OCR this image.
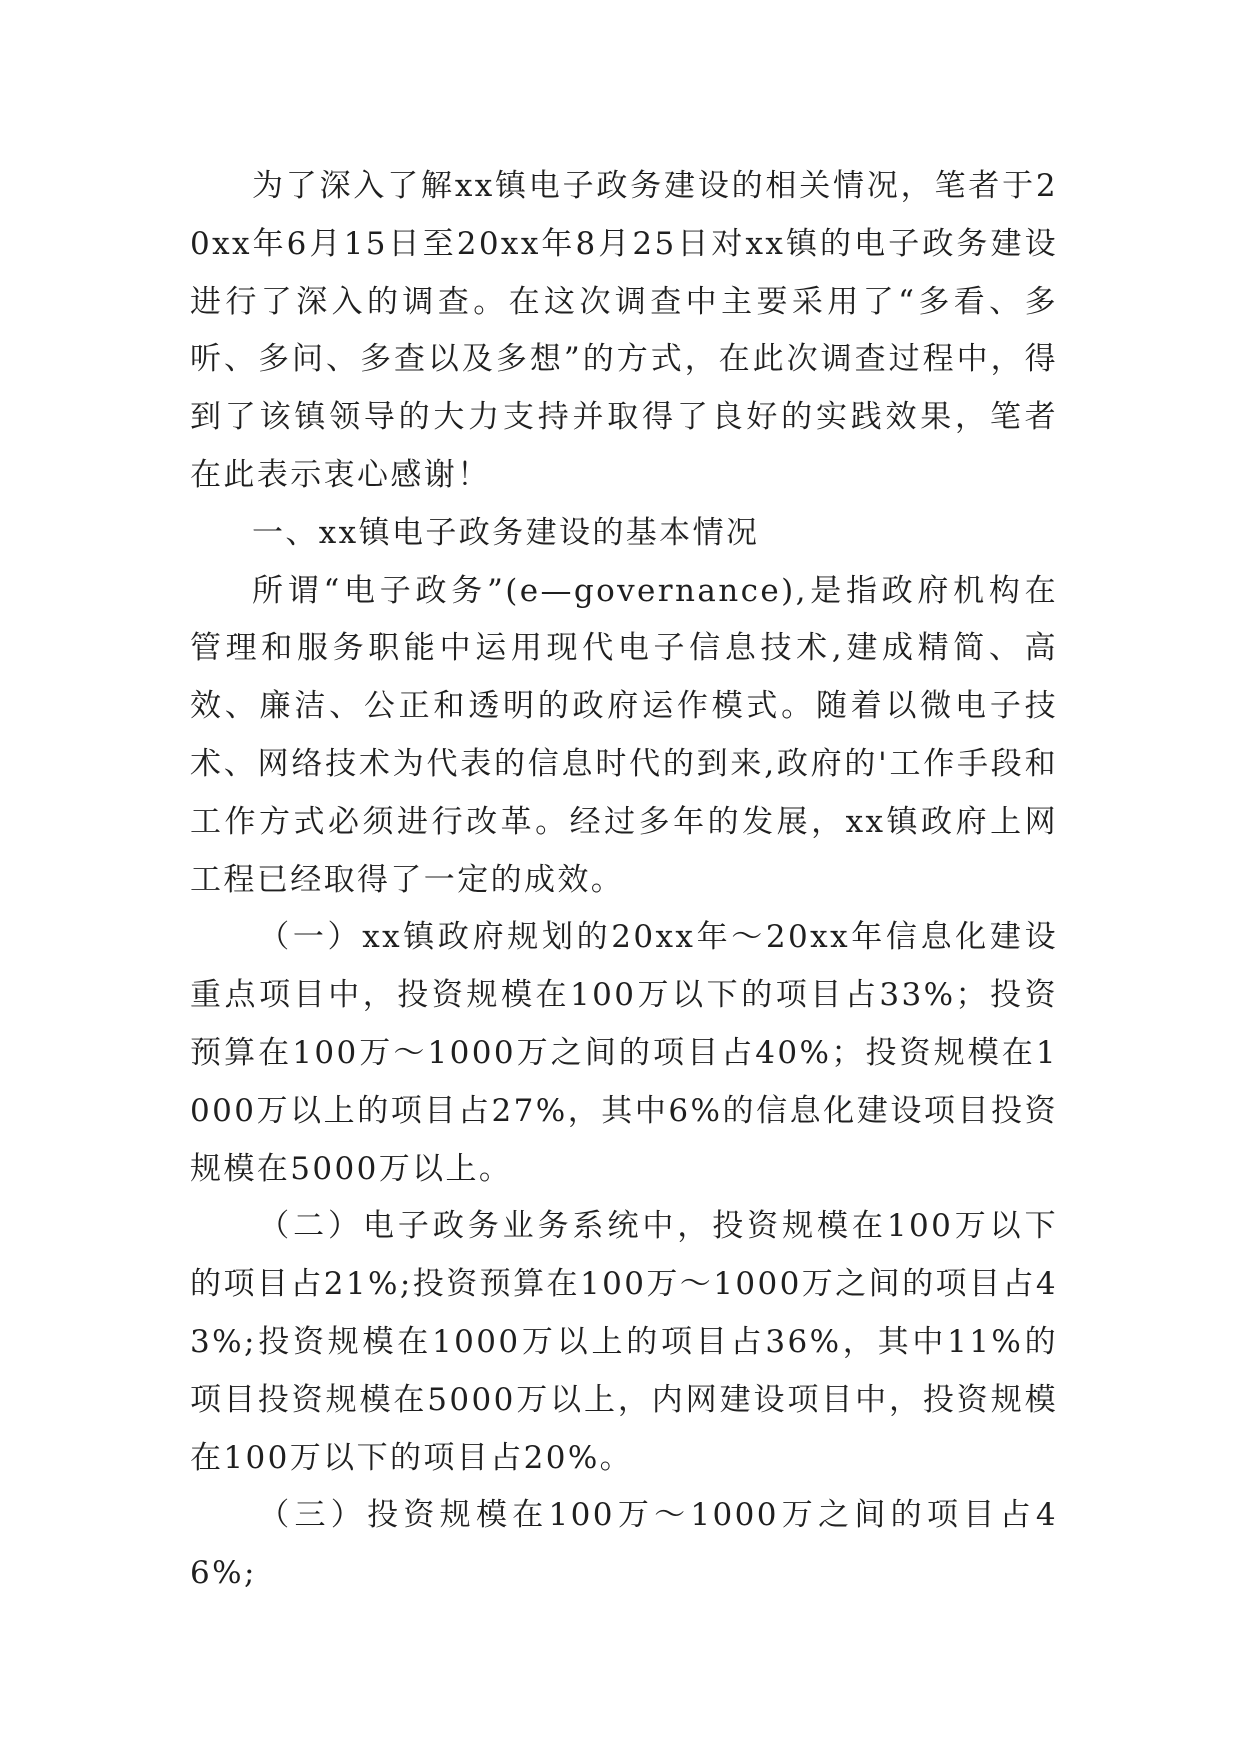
为了深入了解xx镇电子政务建设的相关情况，笔者于20xx年6月15日至20xx年8月25日对xx镇的电子政务建设进行了深入的调查。在这次调查中主要采用了“多看、多听、多问、多查以及多想”的方式，在此次调查过程中，得到了该镇领导的大力支持并取得了良好的实践效果，笔者在此表示衷心感谢！

一、xx镇电子政务建设的基本情况

所谓“电子政务”(e—governance),是指政府机构在管理和服务职能中运用现代电子信息技术,建成精简、高效、廉洁、公正和透明的政府运作模式。随着以微电子技术、网络技术为代表的信息时代的到来,政府的'工作手段和工作方式必须进行改革。经过多年的发展，xx镇政府上网工程已经取得了一定的成效。

（一）xx镇政府规划的20xx年～20xx年信息化建设重点项目中，投资规模在100万以下的项目占33%；投资预算在100万～1000万之间的项目占40%；投资规模在1000万以上的项目占27%，其中6%的信息化建设项目投资规模在5000万以上。

（二）电子政务业务系统中，投资规模在100万以下的项目占21%;投资预算在100万～1000万之间的项目占43%;投资规模在1000万以上的项目占36%，其中11%的项目投资规模在5000万以上，内网建设项目中，投资规模在100万以下的项目占20%。

（三）投资规模在100万～1000万之间的项目占46%;
